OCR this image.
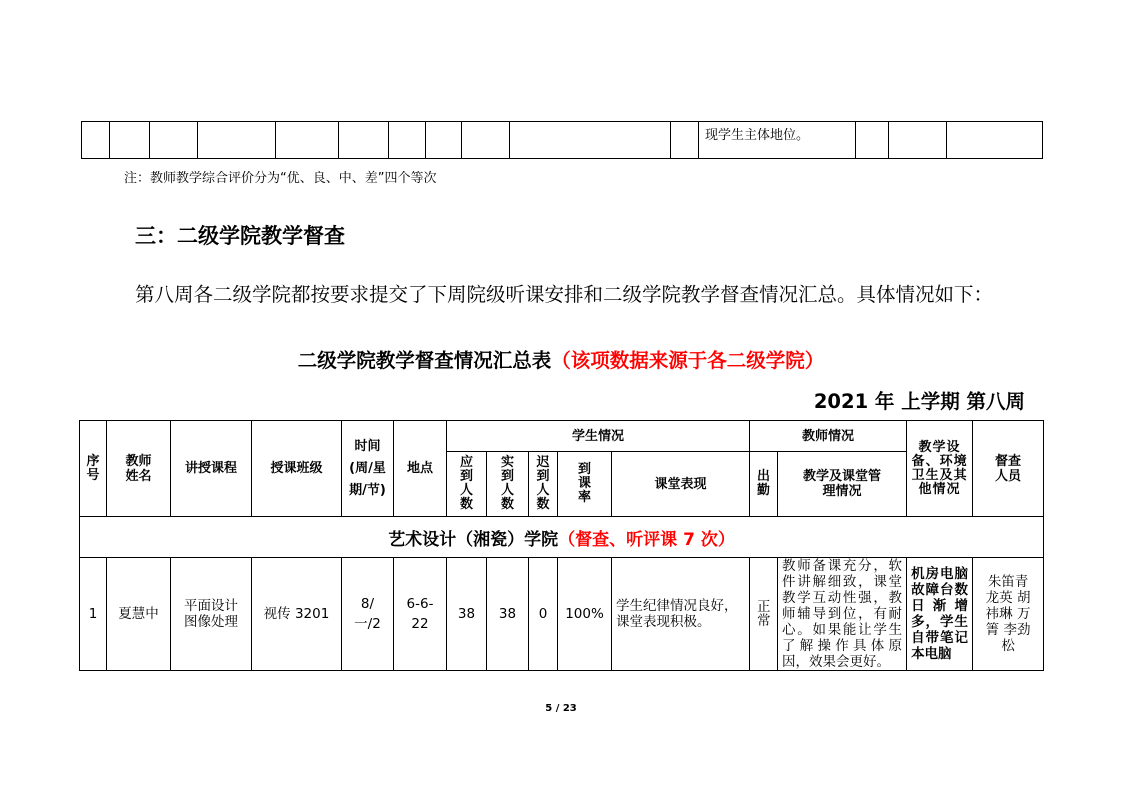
											现学生主体地位。			
注：教师教学综合评价分为“优、良、中、差”四个等次
三：二级学院教学督查
第八周各二级学院都按要求提交了下周院级听课安排和二级学院教学督查情况汇总。具体情况如下：
二级学院教学督查情况汇总表（该项数据来源于各二级学院）
2021 年 上学期 第八周
序号	教师姓名	讲授课程	授课班级	时间(周/星期/节)	地点	学生情况					教师情况		教学设备、环境卫生及其他情况	督查人员

						应到人数	实到人数	迟到人数	到课率	课堂表现	出勤	教学及课堂管理情况		

艺术设计（湘瓷）学院（督查、听评课 7 次）														
1	夏慧中	平面设计图像处理	视传 3201	8/一/2	6-6-22	38	38	0	100%	学生纪律情况良好，课堂表现积极。	正常	教师备课充分，软件讲解细致，课堂教学互动性强，教师辅导到位，有耐心。如果能让学生了解操作具体原因，效果会更好。	机房电脑故障台数日渐增多，学生自带笔记本电脑	朱笛青 龙英 胡祎琳 万箐 李劲松
5 / 23
